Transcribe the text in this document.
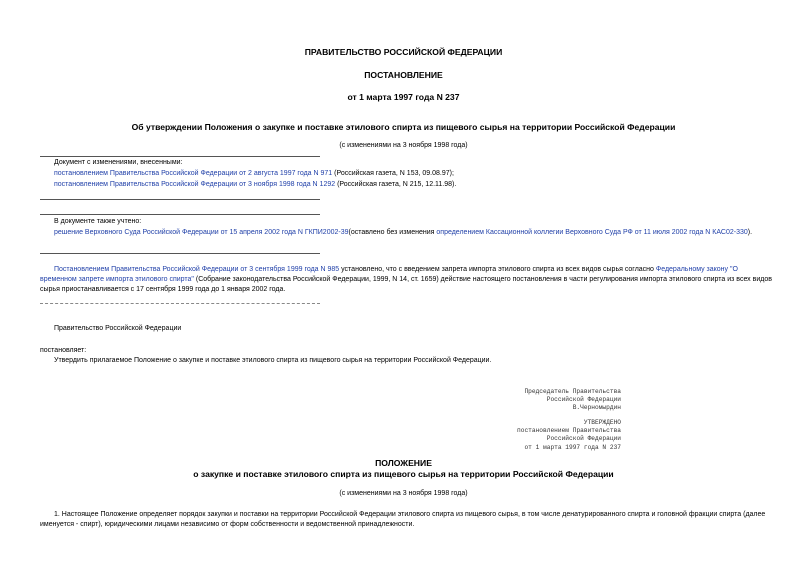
ПРАВИТЕЛЬСТВО РОССИЙСКОЙ ФЕДЕРАЦИИ
ПОСТАНОВЛЕНИЕ
от 1 марта 1997 года N 237
Об утверждении Положения о закупке и поставке этилового спирта из пищевого сырья на территории Российской Федерации
(с изменениями на 3 ноября 1998 года)
Документ с изменениями, внесенными:
постановлением Правительства Российской Федерации от 2 августа 1997 года N 971 (Российская газета, N 153, 09.08.97);
постановлением Правительства Российской Федерации от 3 ноября 1998 года N 1292 (Российская газета, N 215, 12.11.98).
В документе также учтено:
решение Верховного Суда Российской Федерации от 15 апреля 2002 года N ГКПИ2002-39(оставлено без изменения определением Кассационной коллегии Верховного Суда РФ от 11 июля 2002 года N КАС02-330).
Постановлением Правительства Российской Федерации от 3 сентября 1999 года N 985 установлено, что с введением запрета импорта этилового спирта из всех видов сырья согласно Федеральному закону "О временном запрете импорта этилового спирта" (Собрание законодательства Российской Федерации, 1999, N 14, ст. 1659) действие настоящего постановления в части регулирования импорта этилового спирта из всех видов сырья приостанавливается с 17 сентября 1999 года до 1 января 2002 года.
Правительство Российской Федерации
постановляет:
Утвердить прилагаемое Положение о закупке и поставке этилового спирта из пищевого сырья на территории Российской Федерации.
Председатель Правительства
Российской Федерации
В.Черномырдин
УТВЕРЖДЕНО
постановлением Правительства
Российской Федерации
от 1 марта 1997 года N 237
ПОЛОЖЕНИЕ
о закупке и поставке этилового спирта из пищевого сырья на территории Российской Федерации
(с изменениями на 3 ноября 1998 года)
1. Настоящее Положение определяет порядок закупки и поставки на территории Российской Федерации этилового спирта из пищевого сырья, в том числе денатурированного спирта и головной фракции спирта (далее именуется - спирт), юридическими лицами независимо от форм собственности и ведомственной принадлежности.
